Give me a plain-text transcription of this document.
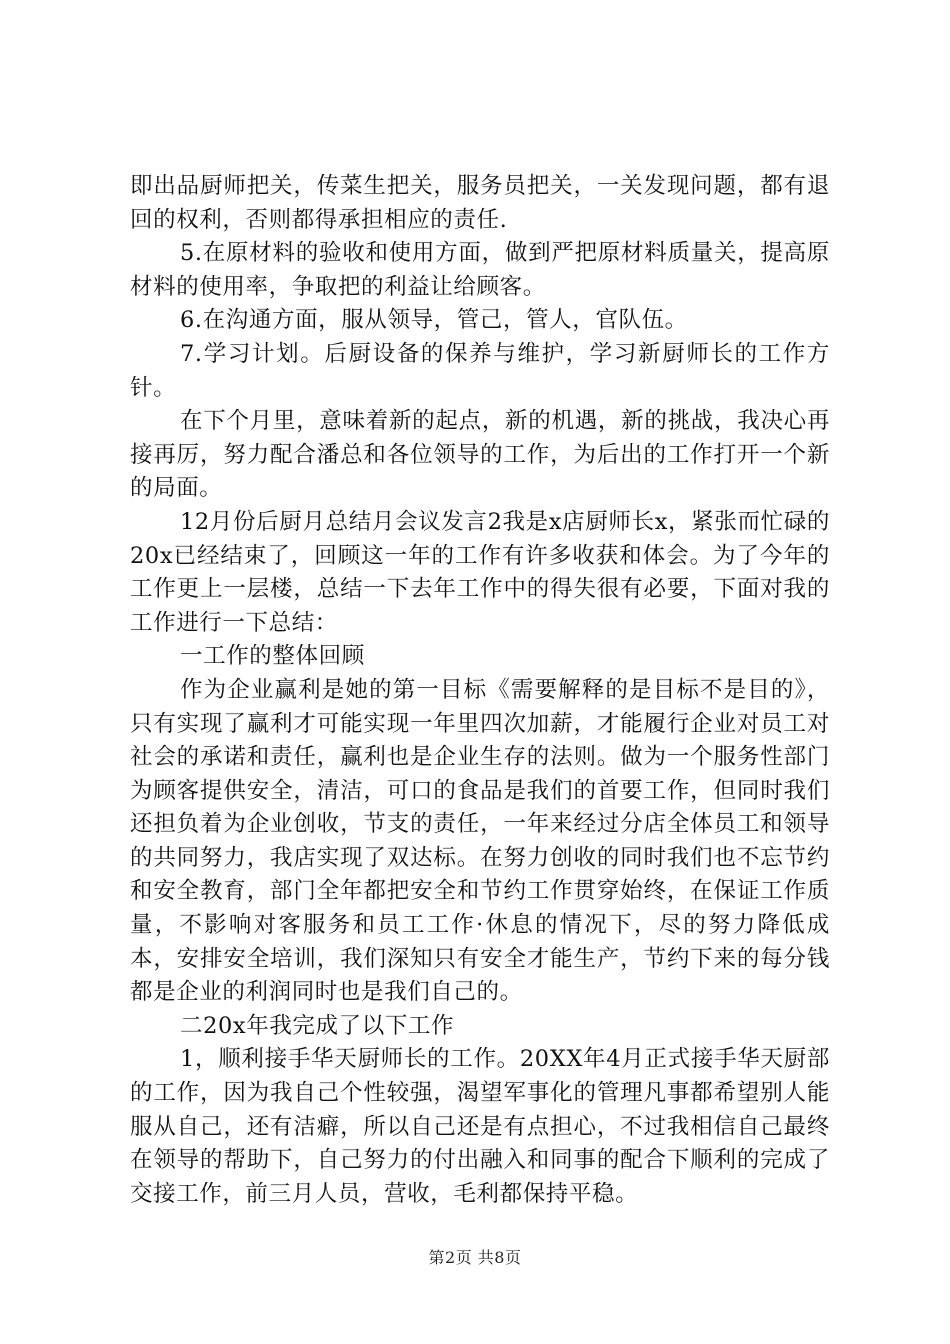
即出品厨师把关，传菜生把关，服务员把关，一关发现问题，都有退回的权利，否则都得承担相应的责任.

5.在原材料的验收和使用方面，做到严把原材料质量关，提高原材料的使用率，争取把的利益让给顾客。

6.在沟通方面，服从领导，管己，管人，官队伍。

7.学习计划。后厨设备的保养与维护，学习新厨师长的工作方针。

在下个月里，意味着新的起点，新的机遇，新的挑战，我决心再接再厉，努力配合潘总和各位领导的工作，为后出的工作打开一个新的局面。

12月份后厨月总结月会议发言2我是x店厨师长x，紧张而忙碌的20x已经结束了，回顾这一年的工作有许多收获和体会。为了今年的工作更上一层楼，总结一下去年工作中的得失很有必要，下面对我的工作进行一下总结：

一工作的整体回顾

作为企业赢利是她的第一目标《需要解释的是目标不是目的》，只有实现了赢利才可能实现一年里四次加薪，才能履行企业对员工对社会的承诺和责任，赢利也是企业生存的法则。做为一个服务性部门为顾客提供安全，清洁，可口的食品是我们的首要工作，但同时我们还担负着为企业创收，节支的责任，一年来经过分店全体员工和领导的共同努力，我店实现了双达标。在努力创收的同时我们也不忘节约和安全教育，部门全年都把安全和节约工作贯穿始终，在保证工作质量，不影响对客服务和员工工作·休息的情况下，尽的努力降低成本，安排安全培训，我们深知只有安全才能生产，节约下来的每分钱都是企业的利润同时也是我们自己的。

二20x年我完成了以下工作

1，顺利接手华天厨师长的工作。20XX年4月正式接手华天厨部的工作，因为我自己个性较强，渴望军事化的管理凡事都希望别人能服从自己，还有洁癖，所以自己还是有点担心，不过我相信自己最终在领导的帮助下，自己努力的付出融入和同事的配合下顺利的完成了交接工作，前三月人员，营收，毛利都保持平稳。

第2页 共8页
